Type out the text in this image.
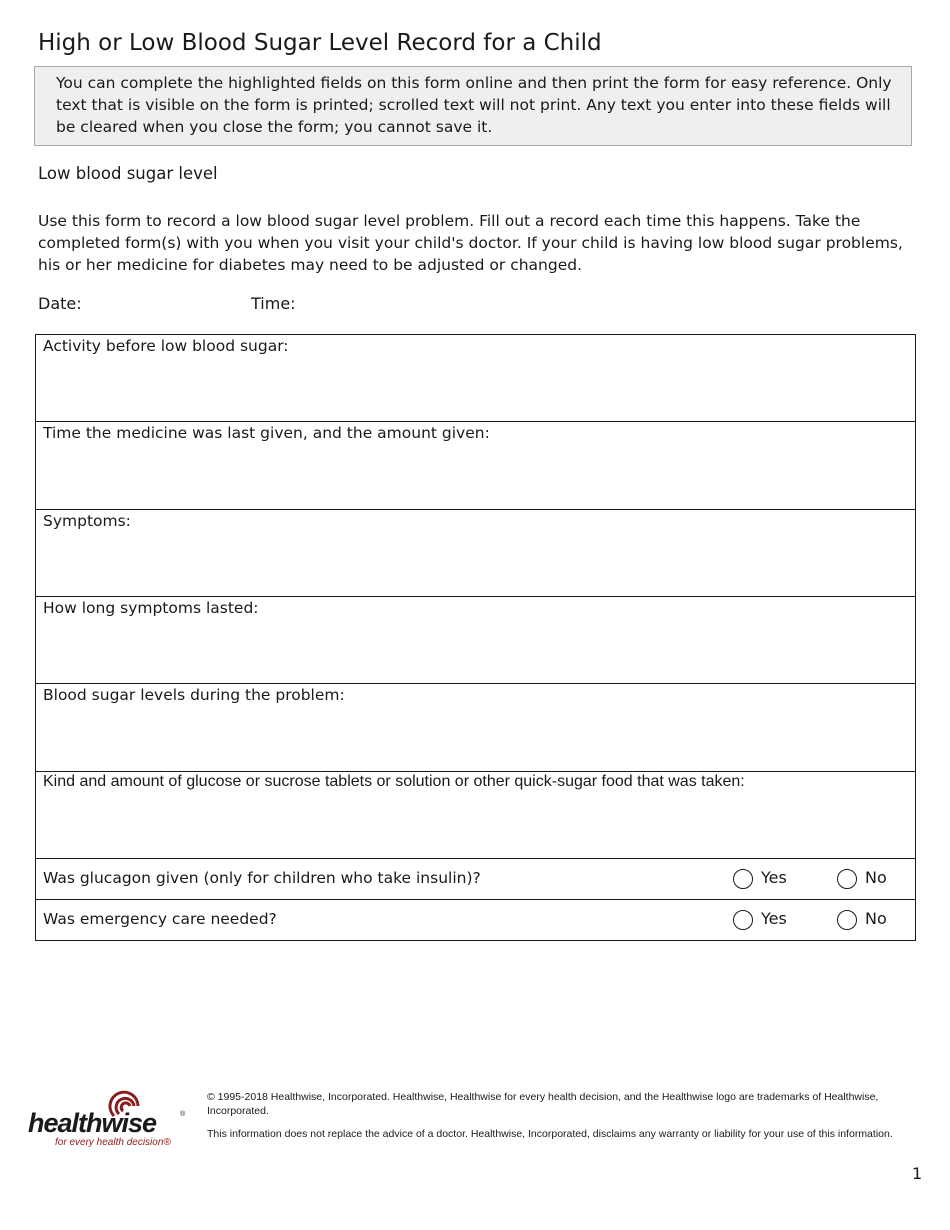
High or Low Blood Sugar Level Record for a Child
You can complete the highlighted fields on this form online and then print the form for easy reference. Only text that is visible on the form is printed; scrolled text will not print. Any text you enter into these fields will be cleared when you close the form; you cannot save it.
Low blood sugar level

Use this form to record a low blood sugar level problem. Fill out a record each time this happens. Take the completed form(s) with you when you visit your child's doctor. If your child is having low blood sugar problems, his or her medicine for diabetes may need to be adjusted or changed.

Date:	Time:
Activity before low blood sugar:
Time the medicine was last given, and the amount given:
Symptoms:
How long symptoms lasted:
Blood sugar levels during the problem:
Kind and amount of glucose or sucrose tablets or solution or other quick-sugar food that was taken:
Was glucagon given (only for children who take insulin)?	Yes	No
Was emergency care needed?	Yes	No
healthwise	®
for every health decision®

© 1995-2018 Healthwise, Incorporated. Healthwise, Healthwise for every health decision, and the Healthwise logo are trademarks of Healthwise, Incorporated.

This information does not replace the advice of a doctor. Healthwise, Incorporated, disclaims any warranty or liability for your use of this information.

1
